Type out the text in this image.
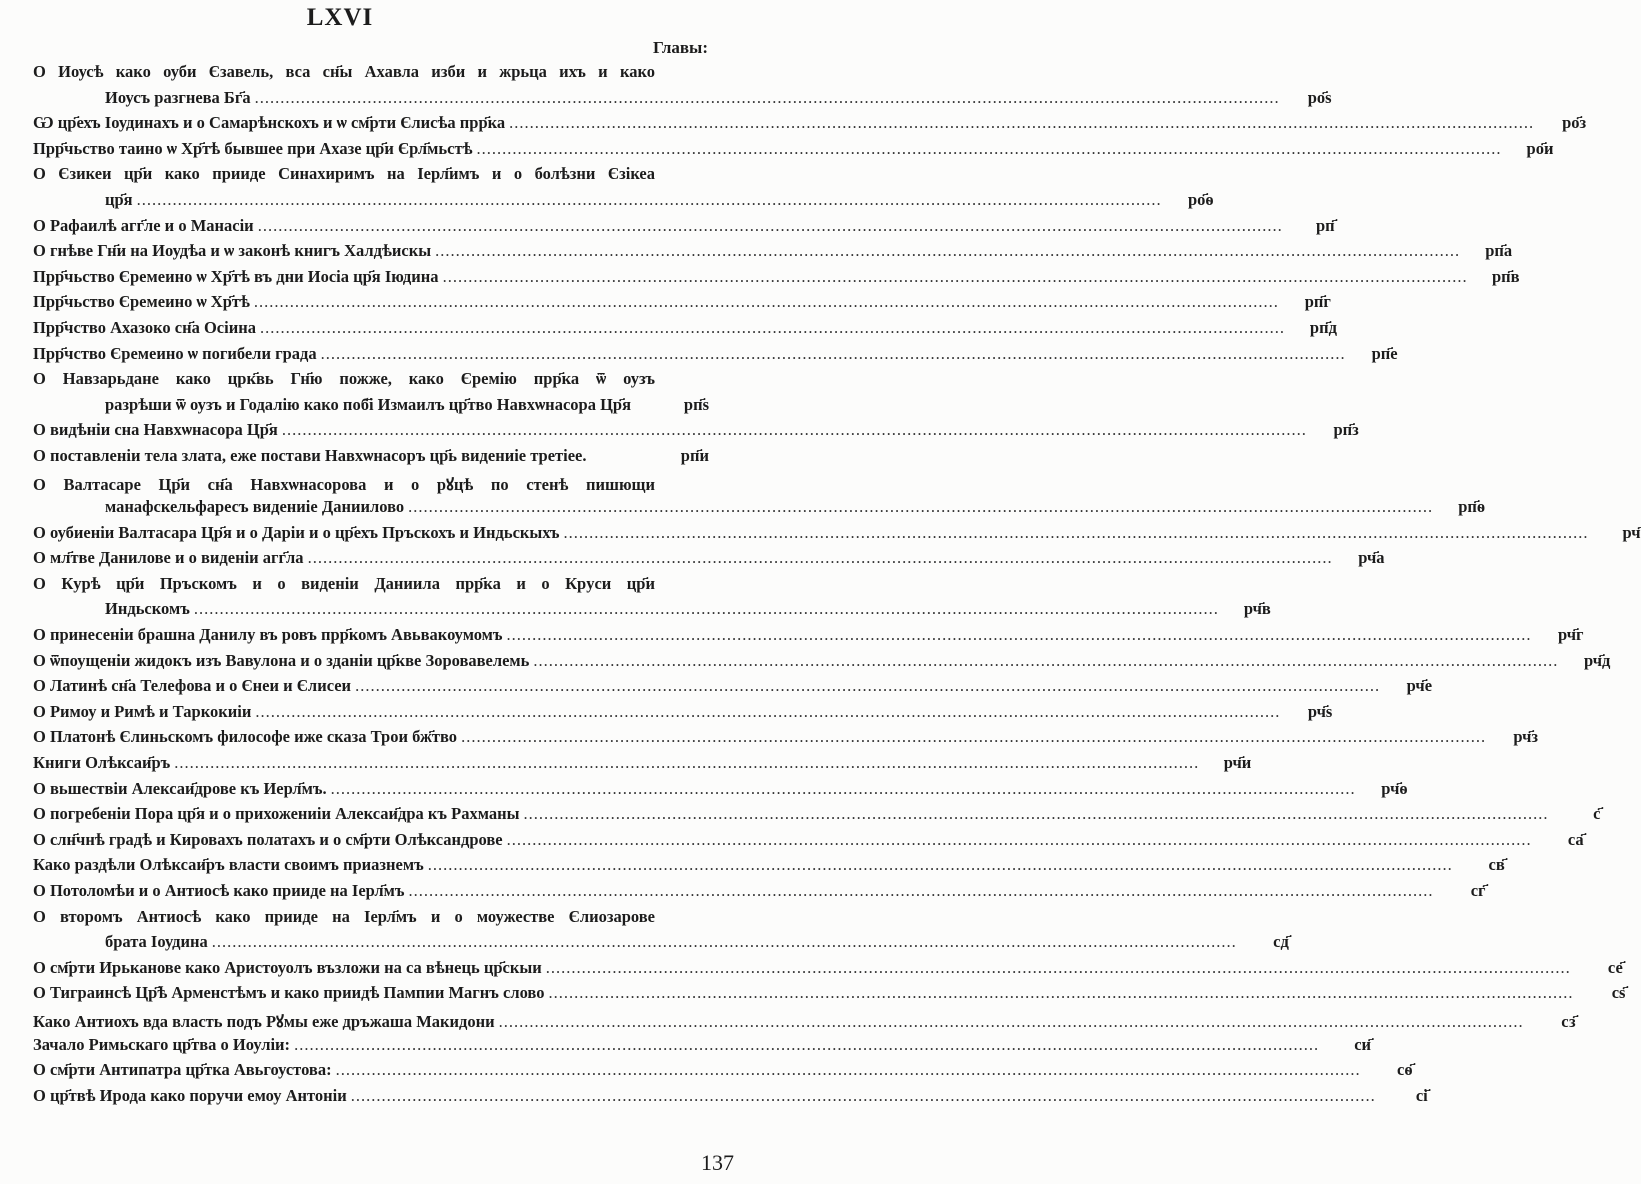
LXVI
Главы:
О Иоусѣ како оуби Єзавель, вса сн҃ы Ахавла изби и жрьца ихъ и како
Иоусъ разгнева Бг҃а ........................................................................................................................................................................................................	ро҃ѕ
Ѡ цр҃ехъ Іоудинахъ и о Самарѣнскохъ и ѡ см҃рти Єлисѣа прр҃ка ........................................................................................................................................................................................................	ро҃з
Прр҃чьство таино ѡ Хр҃тѣ бывшее при Ахазе цр҃и Єрл҃мьстѣ ........................................................................................................................................................................................................	ро҃и
О Єзикеи цр҃и како прииде Синахиримъ на Іерл҃имъ и о болѣзни Єзікеа
цр҃я ........................................................................................................................................................................................................	ро҃ѳ
О Рафаилѣ агг҃ле и о Манасіи ........................................................................................................................................................................................................	рп҃
О гнѣве Гн҃и на Иоудѣа и ѡ законѣ книгъ Халдѣискы ........................................................................................................................................................................................................	рп҃а
Прр҃чьство Єремеино ѡ Хр҃тѣ въ дни Иосіа цр҃я Іюдина ........................................................................................................................................................................................................	рп҃в
Прр҃чьство Єремеино ѡ Хр҃тѣ ........................................................................................................................................................................................................	рп҃г
Прр҃чство Ахазоко сн҃а Осіина ........................................................................................................................................................................................................	рп҃д
Прр҃чство Єремеино ѡ погибели града ........................................................................................................................................................................................................	рп҃е
О Навзарьдане како црк҃вь Гн҃ю пожже, како Єремію прр҃ка ѿ оузъ
разрѣши ѿ оузъ и Годалію како поб҃і Измаилъ цр҃тво Навхѡнасора Цр҃я	рп҃ѕ
О видѣніи сна Навхѡнасора Цр҃я ........................................................................................................................................................................................................	рп҃з
О поставленіи тела злата, еже постави Навхѡнасоръ цр҃ь видениіе третіее.	рп҃и
О Валтасаре Цр҃и сн҃а Навхѡнасорова и о рꙋцѣ по стенѣ пишющи
манафскельфаресъ видениіе Даниилово ........................................................................................................................................................................................................	рп҃ѳ
О оубиеніи Валтасара Цр҃я и о Даріи и о цр҃ехъ Пръскохъ и Индьскыхъ ........................................................................................................................................................................................................	рч҃
О мл҃тве Данилове и о виденіи агг҃ла ........................................................................................................................................................................................................	рч҃а
О Кyрѣ цр҃и Пръскомъ и о виденіи Даниила прр҃ка и о Крyси цр҃и
Индьскомъ ........................................................................................................................................................................................................	рч҃в
О принесеніи брашна Данилу въ ровъ прр҃комъ Авьвакоумомъ ........................................................................................................................................................................................................	рч҃г
О ѿпоущеніи жидокъ изъ Вавулона и о зданіи цр҃кве Зоровавелемь ........................................................................................................................................................................................................	рч҃д
О Латинѣ сн҃а Телефова и о Єнеи и Єлисеи ........................................................................................................................................................................................................	рч҃е
О Римоу и Римѣ и Таркокиіи ........................................................................................................................................................................................................	рч҃ѕ
О Платонѣ Єлиньскомъ философе иже сказа Трои бж҃тво ........................................................................................................................................................................................................	рч҃з
Книги Олѣксаи҃ръ ........................................................................................................................................................................................................	рч҃и
О вьшествіи Алексаи҃дрове къ Иерл҃мъ. ........................................................................................................................................................................................................	рч҃ѳ
О погребеніи Пора цр҃я и о прихожениіи Алексаи҃дра къ Рахманы ........................................................................................................................................................................................................	с҃
О слн҃чнѣ градѣ и Кировахъ полатахъ и о см҃рти Олѣксандрове ........................................................................................................................................................................................................	са҃
Како раздѣли Олѣксаи҃ръ власти своимъ приазнемъ ........................................................................................................................................................................................................	св҃
О Потоломѣи и о Антиосѣ како прииде на Іерл҃мъ ........................................................................................................................................................................................................	сг҃
О второмъ Антиосѣ како прииде на Іерл҃мъ и о моужестве Єлиозарове
брата Іоудина ........................................................................................................................................................................................................	сд҃
О см҃рти Ирьканове како Аристоуолъ възложи на са вѣнець цр҃скыи ........................................................................................................................................................................................................	се҃
О Тиграинсѣ Цр҃ѣ Арменстѣмъ и како приидѣ Пампии Магнъ слово ........................................................................................................................................................................................................	сѕ҃
Како Антиохъ вда власть подъ Рꙋмы еже дръжаша Макидони ........................................................................................................................................................................................................	сз҃
Зачало Римьскаго цр҃тва о Иоуліи: ........................................................................................................................................................................................................	си҃
О см҃рти Антипатра цр҃тка Авьгоустова: ........................................................................................................................................................................................................	сѳ҃
О цр҃твѣ Ирода како поручи емоу Антоніи ........................................................................................................................................................................................................	сі҃
137
